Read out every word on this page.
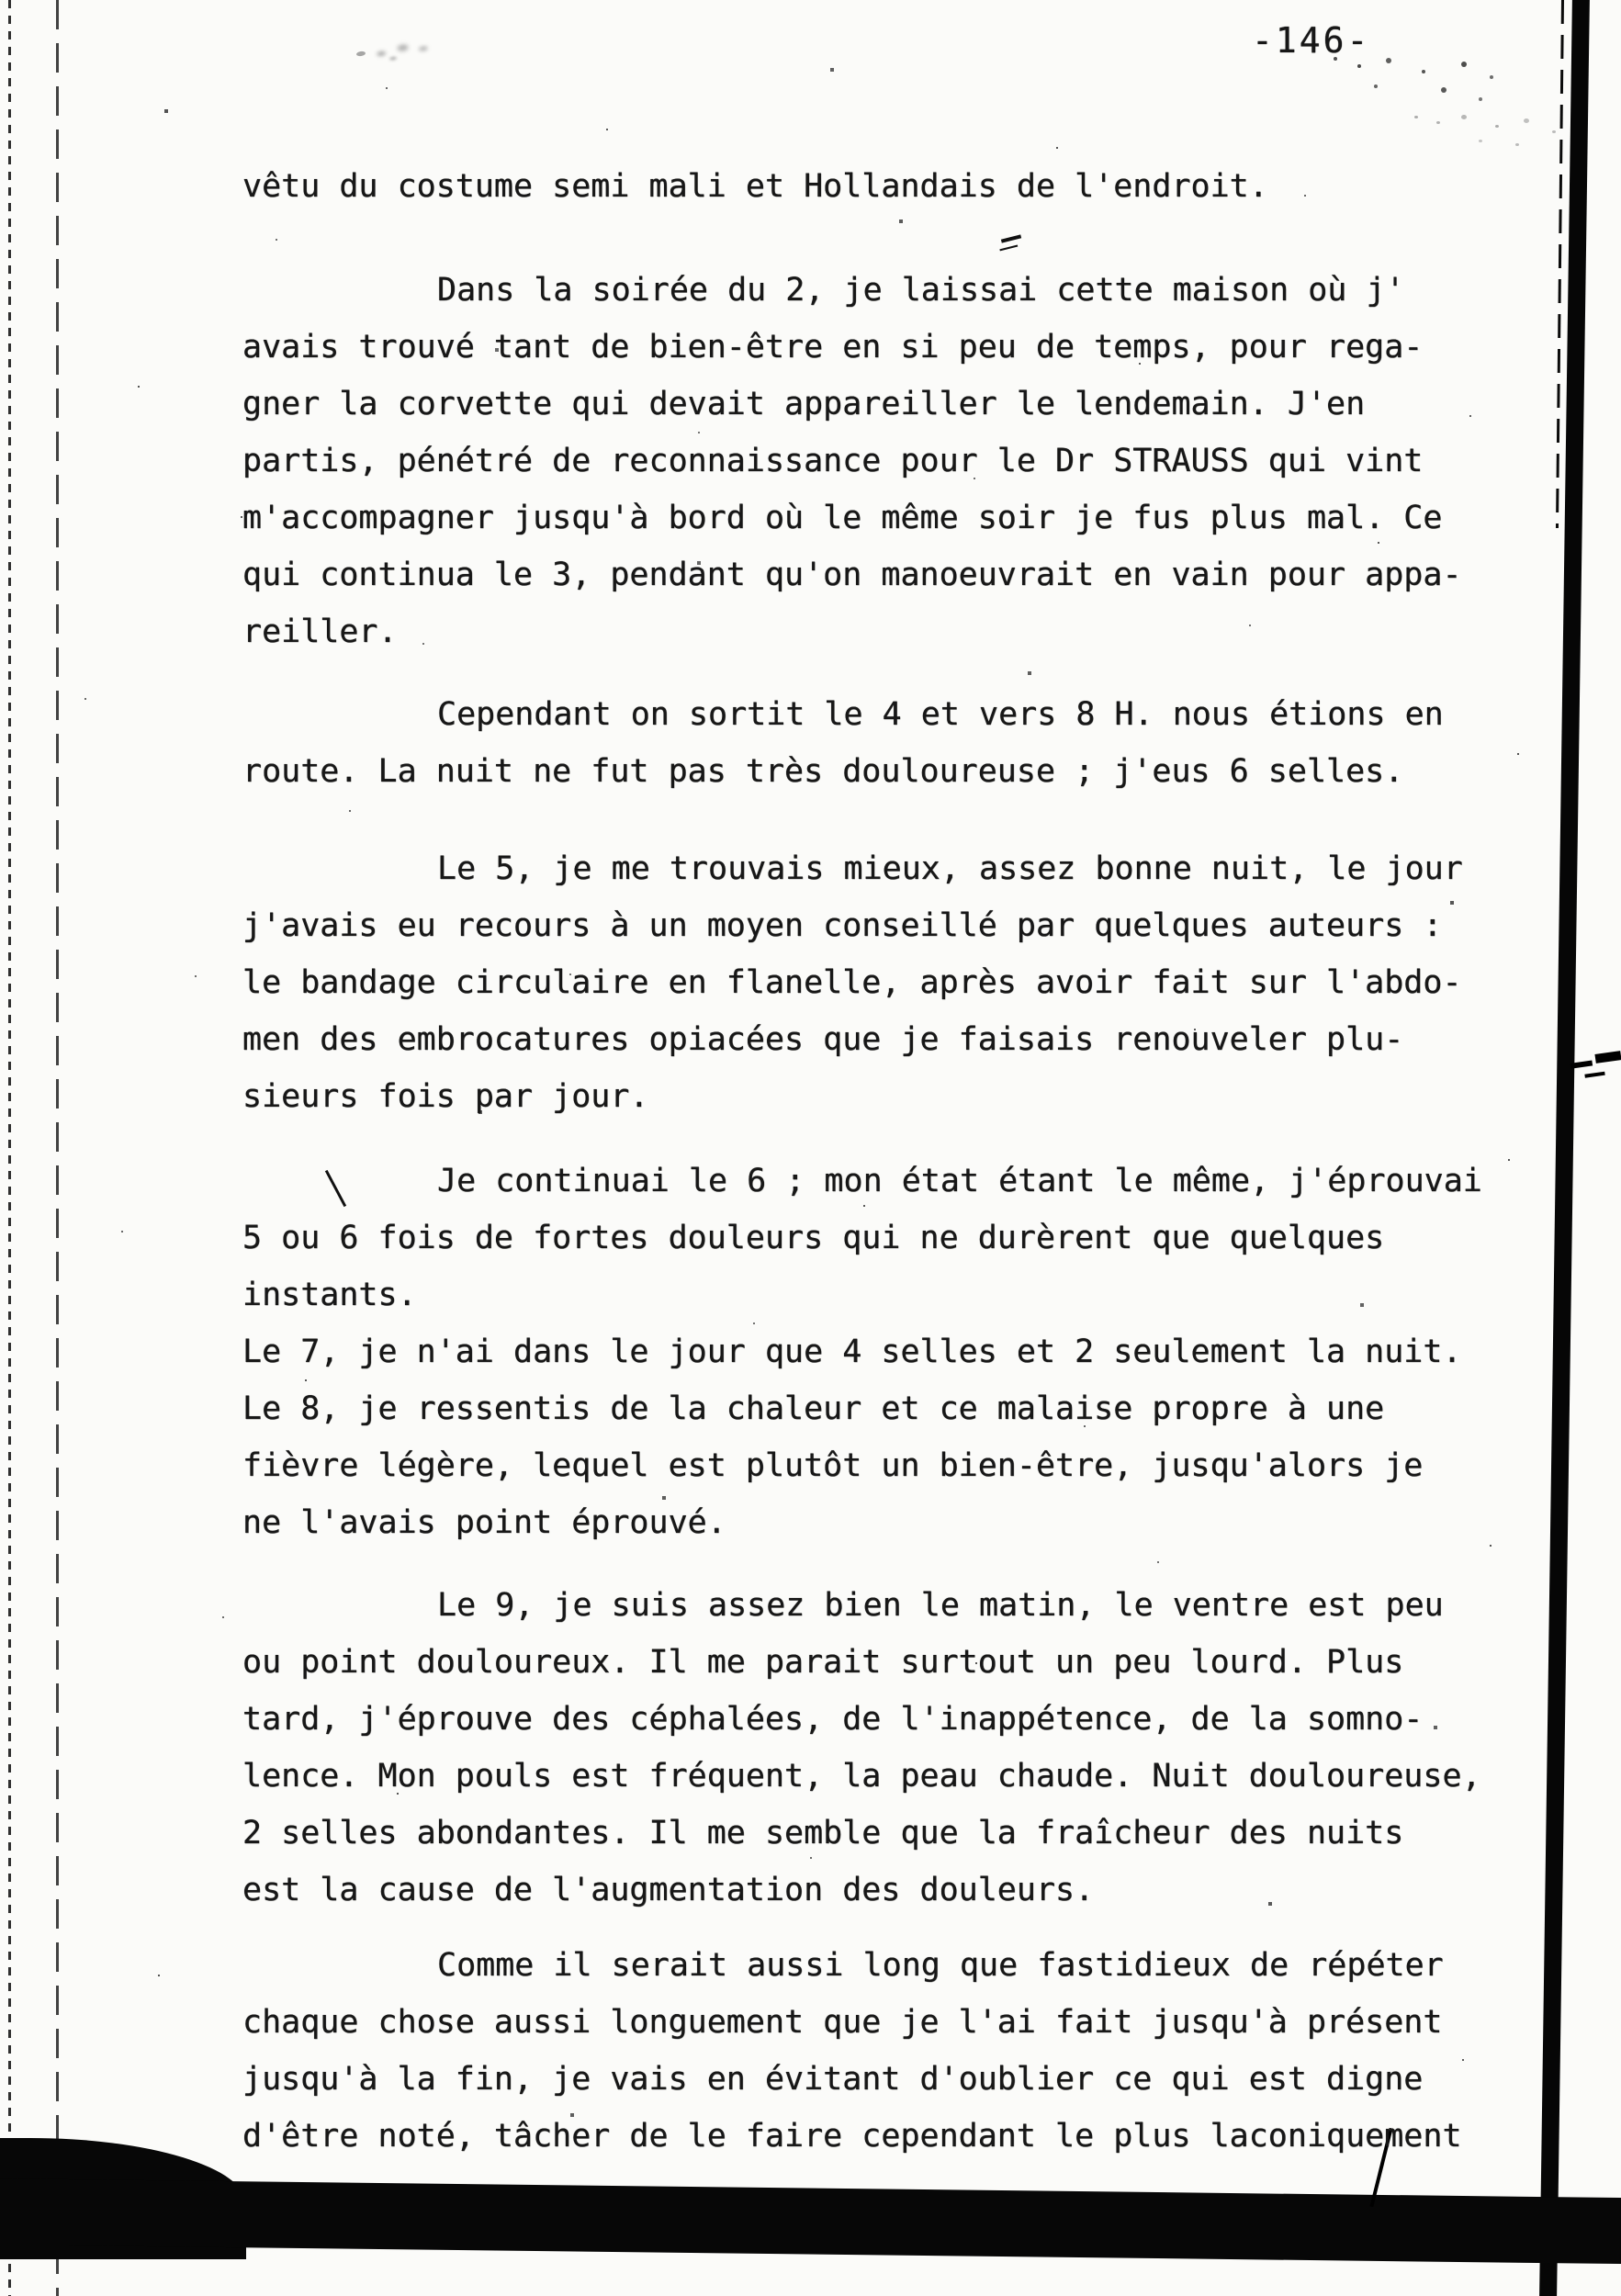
-146-
vêtu du costume semi mali et Hollandais de l'endroit.
Dans la soirée du 2, je laissai cette maison où j'
avais trouvé tant de bien-être en si peu de temps, pour rega-
gner la corvette qui devait appareiller le lendemain. J'en
partis, pénétré de reconnaissance pour le Dr STRAUSS qui vint
m'accompagner jusqu'à bord où le même soir je fus plus mal. Ce
qui continua le 3, pendant qu'on manoeuvrait en vain pour appa-
reiller.
Cependant on sortit le 4 et vers 8 H. nous étions en
route. La nuit ne fut pas très douloureuse ; j'eus 6 selles.
Le 5, je me trouvais mieux, assez bonne nuit, le jour
j'avais eu recours à un moyen conseillé par quelques auteurs :
le bandage circulaire en flanelle, après avoir fait sur l'abdo-
men des embrocatures opiacées que je faisais renouveler plu-
sieurs fois par jour.
Je continuai le 6 ; mon état étant le même, j'éprouvai
5 ou 6 fois de fortes douleurs qui ne durèrent que quelques
instants.
Le 7, je n'ai dans le jour que 4 selles et 2 seulement la nuit.
Le 8, je ressentis de la chaleur et ce malaise propre à une
fièvre légère, lequel est plutôt un bien-être, jusqu'alors je
ne l'avais point éprouvé.
Le 9, je suis assez bien le matin, le ventre est peu
ou point douloureux. Il me parait surtout un peu lourd. Plus
tard, j'éprouve des céphalées, de l'inappétence, de la somno-
lence. Mon pouls est fréquent, la peau chaude. Nuit douloureuse,
2 selles abondantes. Il me semble que la fraîcheur des nuits
est la cause de l'augmentation des douleurs.
Comme il serait aussi long que fastidieux de répéter
chaque chose aussi longuement que je l'ai fait jusqu'à présent
jusqu'à la fin, je vais en évitant d'oublier ce qui est digne
d'être noté, tâcher de le faire cependant le plus laconiquement
